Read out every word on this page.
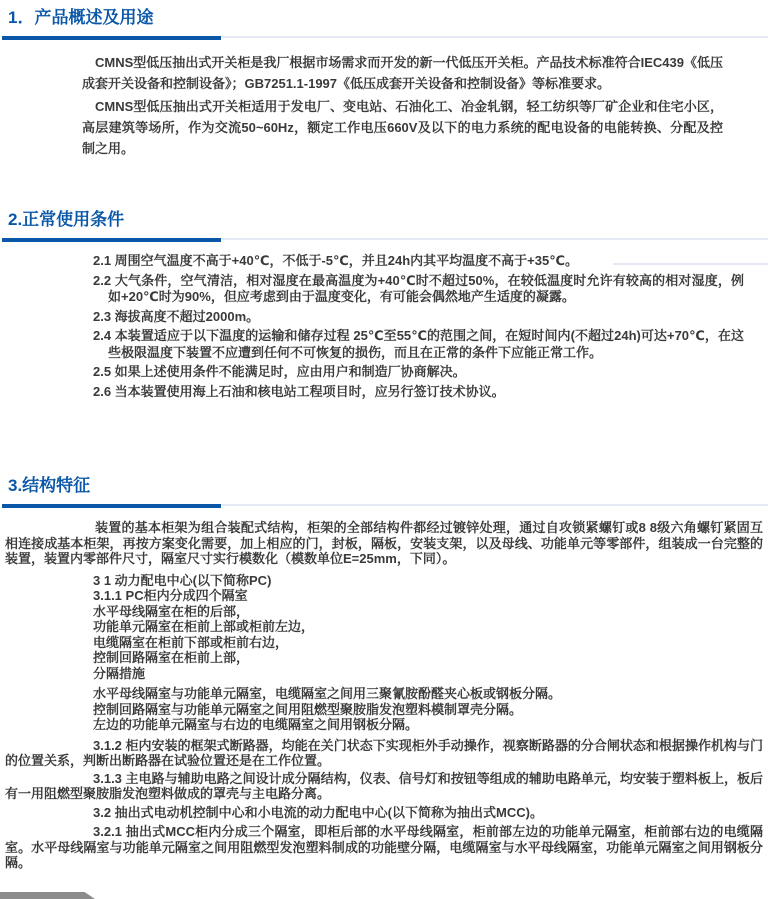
1．产品概述及用途

CMNS型低压抽出式开关柜是我厂根据市场需求而开发的新一代低压开关柜。产品技术标准符合IEC439《低压成套开关设备和控制设备》；GB7251.1-1997《低压成套开关设备和控制设备》等标准要求。

CMNS型低压抽出式开关柜适用于发电厂、变电站、石油化工、冶金轧钢，轻工纺织等厂矿企业和住宅小区，高层建筑等场所，作为交流50~60Hz，额定工作电压660V及以下的电力系统的配电设备的电能转换、分配及控制之用。

2.正常使用条件

2.1 周围空气温度不高于+40℃，不低于-5℃，并且24h内其平均温度不高于+35℃。

2.2 大气条件，空气清洁，相对湿度在最高温度为+40℃时不超过50%，在较低温度时允许有较高的相对湿度，例如+20℃时为90%，但应考虑到由于温度变化，有可能会偶然地产生适度的凝露。

2.3 海拔高度不超过2000m。

2.4 本装置适应于以下温度的运输和储存过程 25℃至55℃的范围之间，在短时间内(不超过24h)可达+70℃，在这些极限温度下装置不应遭到任何不可恢复的损伤，而且在正常的条件下应能正常工作。

2.5 如果上述使用条件不能满足时，应由用户和制造厂协商解决。

2.6 当本装置使用海上石油和核电站工程项目时，应另行签订技术协议。

3.结构特征

装置的基本柜架为组合装配式结构，柜架的全部结构件都经过镀锌处理，通过自攻锁紧螺钉或8 8级六角螺钉紧固互相连接成基本柜架，再按方案变化需要，加上相应的门，封板，隔板，安装支架，以及母线、功能单元等零部件，组装成一台完整的装置，装置内零部件尺寸，隔室尺寸实行模数化（模数单位E=25mm，下同）。

3 1 动力配电中心(以下简称PC)
3.1.1 PC柜内分成四个隔室
水平母线隔室在柜的后部，
功能单元隔室在柜前上部或柜前左边，
电缆隔室在柜前下部或柜前右边，
控制回路隔室在柜前上部，
分隔措施
水平母线隔室与功能单元隔室，电缆隔室之间用三聚氰胺酚醛夹心板或钢板分隔。
控制回路隔室与功能单元隔室之间用阻燃型聚胺脂发泡塑料模制罩壳分隔。
左边的功能单元隔室与右边的电缆隔室之间用钢板分隔。

3.1.2 柜内安装的框架式断路器，均能在关门状态下实现柜外手动操作，视察断路器的分合闸状态和根据操作机构与门的位置关系，判断出断路器在试验位置还是在工作位置。

3.1.3 主电路与辅助电路之间设计成分隔结构，仪表、信号灯和按钮等组成的辅助电路单元，均安装于塑料板上，板后有一用阻燃型聚胺脂发泡塑料做成的罩壳与主电路分离。

3.2 抽出式电动机控制中心和小电流的动力配电中心(以下简称为抽出式MCC)。

3.2.1 抽出式MCC柜内分成三个隔室，即柜后部的水平母线隔室，柜前部左边的功能单元隔室，柜前部右边的电缆隔室。水平母线隔室与功能单元隔室之间用阻燃型发泡塑料制成的功能壁分隔，电缆隔室与水平母线隔室，功能单元隔室之间用钢板分隔。
